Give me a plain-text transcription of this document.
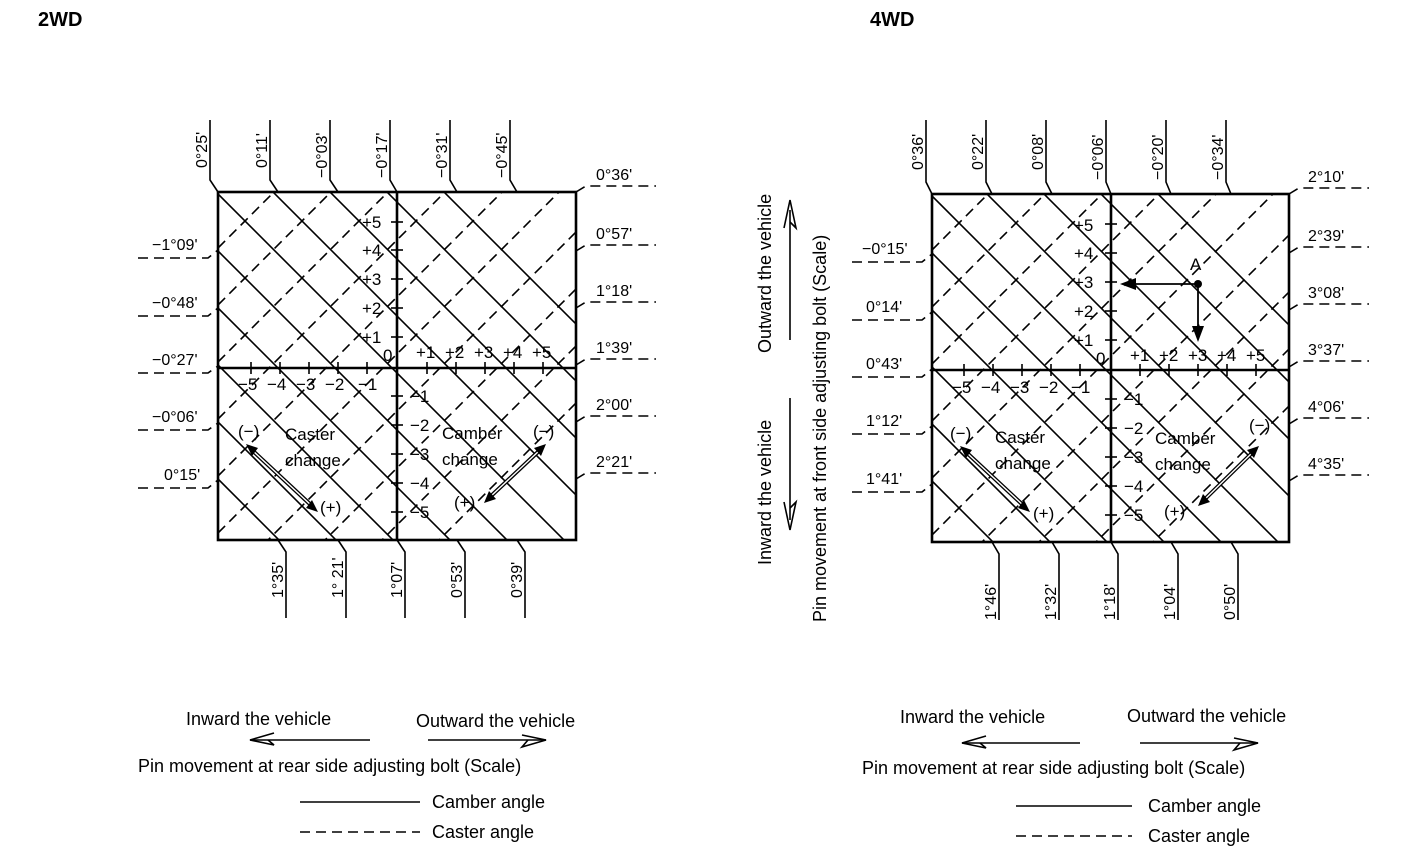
2WD
0°25'	0°11'	−0°03'	−0°17'	−0°31'	−0°45'
1°35'	1° 21'	1°07'	0°53'	0°39'
−1°09'
−0°48'
−0°27'
−0°06'
0°15'
0°36'
0°57'
1°18'
1°39'
2°00'
2°21'
+5
+4
+3
+2
+1
0
−1
−2
−3
−4
−5
+1 +2 +3 +4 +5
−5 −4 −3 −2 −1
Caster
change
Camber
change
(−)
(+)
(−)
(+)
Inward the vehicle	Outward the vehicle
Pin movement at rear side adjusting bolt (Scale)
Camber angle
Caster angle
4WD
0°36'	0°22'	0°08'	−0°06'	−0°20'	−0°34'
1°46'	1°32'	1°18'	1°04'	0°50'
−0°15'
0°14'
0°43'
1°12'
1°41'
2°10'
2°39'
3°08'
3°37'
4°06'
4°35'
+5
+4
+3
+2
+1
0
−1
−2
−3
−4
−5
+1 +2 +3 +4 +5
−5 −4 −3 −2 −1
Caster
change
Camber
change
(−)
(+)
(−)
(+)
A
Outward the vehicle
Inward the vehicle Pin movement at front side adjusting bolt (Scale)
Inward the vehicle	Outward the vehicle
Pin movement at rear side adjusting bolt (Scale)
Camber angle
Caster angle
